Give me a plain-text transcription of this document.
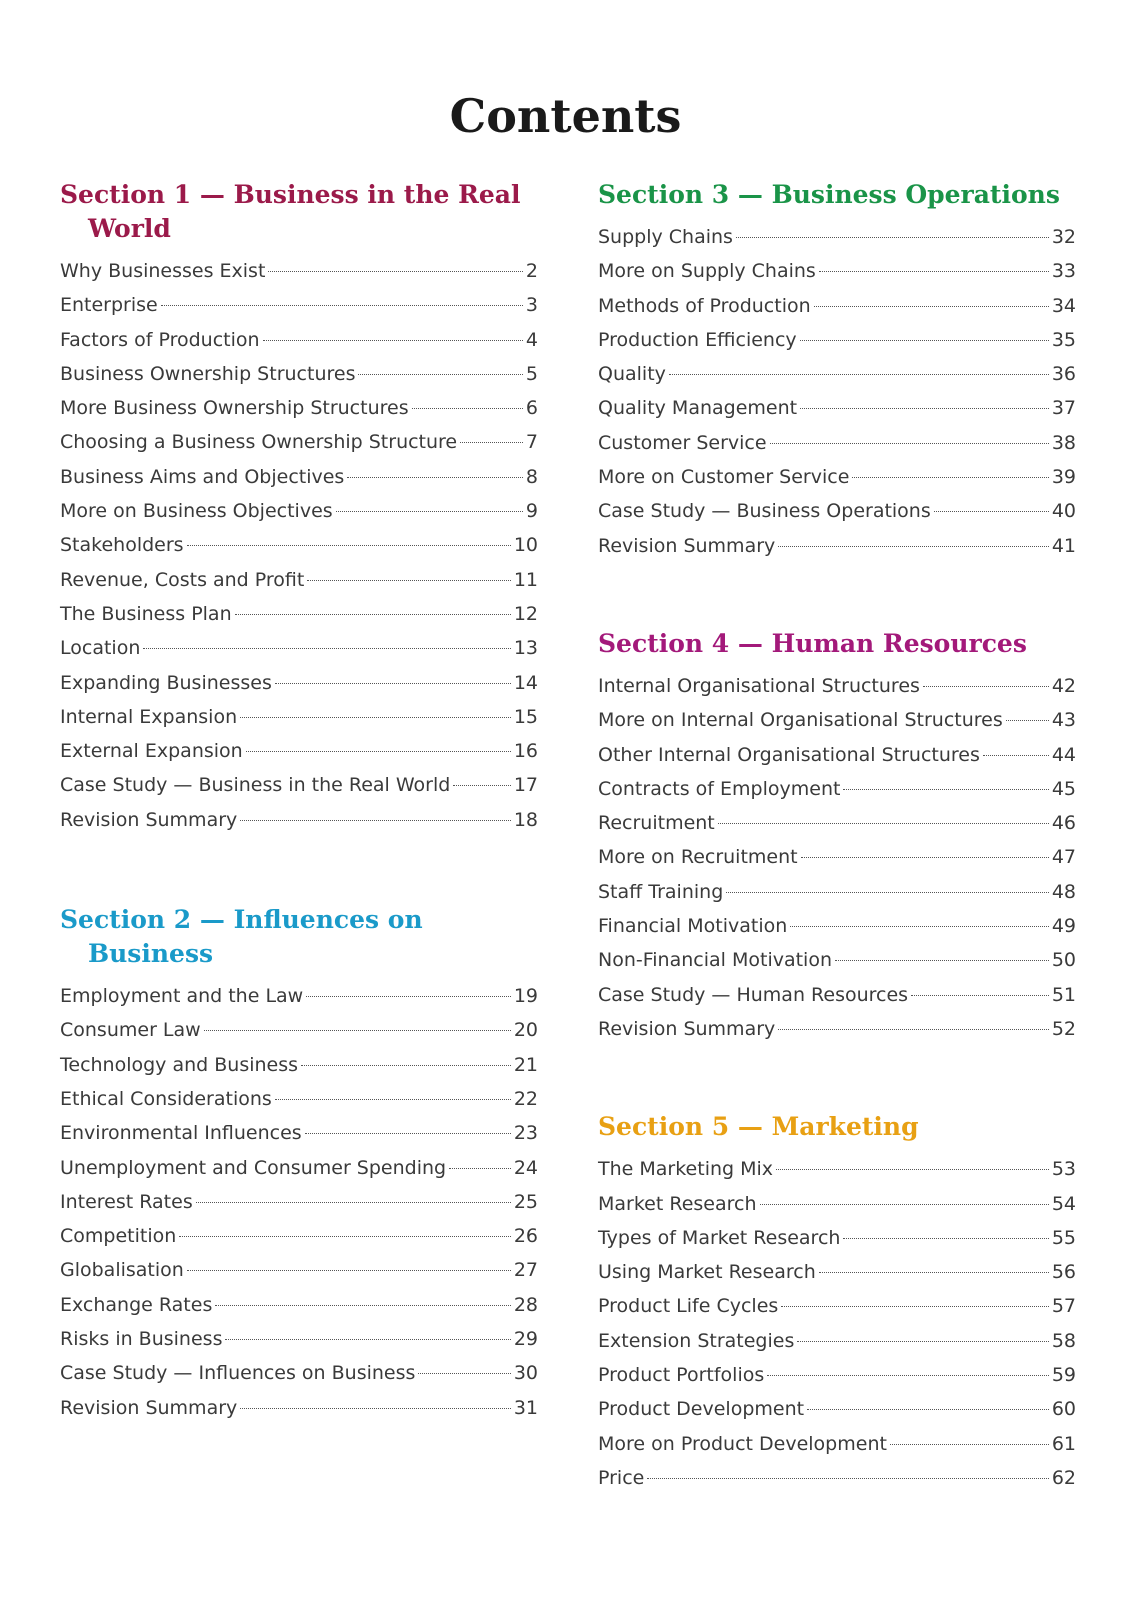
Contents
Section 1 — Business in the Real World
Why Businesses Exist	2
Enterprise	3
Factors of Production	4
Business Ownership Structures	5
More Business Ownership Structures	6
Choosing a Business Ownership Structure	7
Business Aims and Objectives	8
More on Business Objectives	9
Stakeholders	10
Revenue, Costs and Profit	11
The Business Plan	12
Location	13
Expanding Businesses	14
Internal Expansion	15
External Expansion	16
Case Study — Business in the Real World	17
Revision Summary	18
Section 2 — Influences on Business
Employment and the Law	19
Consumer Law	20
Technology and Business	21
Ethical Considerations	22
Environmental Influences	23
Unemployment and Consumer Spending	24
Interest Rates	25
Competition	26
Globalisation	27
Exchange Rates	28
Risks in Business	29
Case Study — Influences on Business	30
Revision Summary	31
Section 3 — Business Operations
Supply Chains	32
More on Supply Chains	33
Methods of Production	34
Production Efficiency	35
Quality	36
Quality Management	37
Customer Service	38
More on Customer Service	39
Case Study — Business Operations	40
Revision Summary	41
Section 4 — Human Resources
Internal Organisational Structures	42
More on Internal Organisational Structures	43
Other Internal Organisational Structures	44
Contracts of Employment	45
Recruitment	46
More on Recruitment	47
Staff Training	48
Financial Motivation	49
Non-Financial Motivation	50
Case Study — Human Resources	51
Revision Summary	52
Section 5 — Marketing
The Marketing Mix	53
Market Research	54
Types of Market Research	55
Using Market Research	56
Product Life Cycles	57
Extension Strategies	58
Product Portfolios	59
Product Development	60
More on Product Development	61
Price	62
